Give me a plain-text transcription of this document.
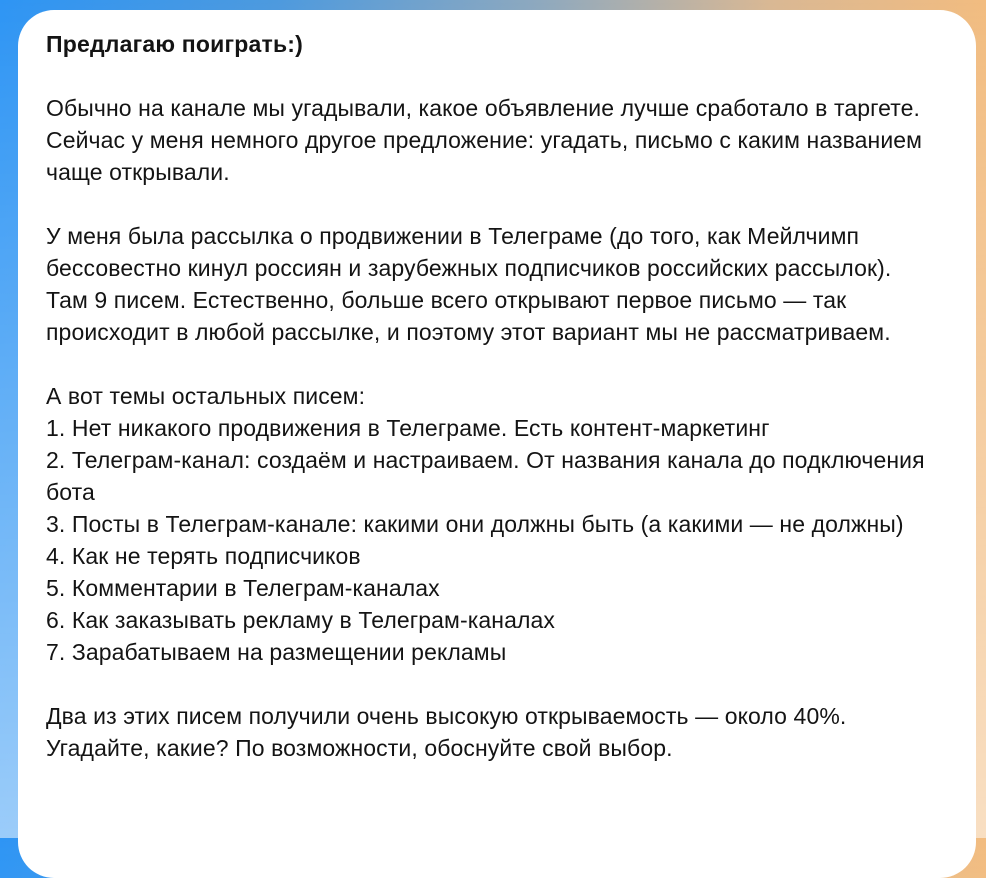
Предлагаю поиграть:)

Обычно на канале мы угадывали, какое объявление лучше сработало в таргете. Сейчас у меня немного другое предложение: угадать, письмо с каким названием чаще открывали.

У меня была рассылка о продвижении в Телеграме (до того, как Мейлчимп бессовестно кинул россиян и зарубежных подписчиков российских рассылок). Там 9 писем. Естественно, больше всего открывают первое письмо — так происходит в любой рассылке, и поэтому этот вариант мы не рассматриваем.

А вот темы остальных писем:
1. Нет никакого продвижения в Телеграме. Есть контент-маркетинг
2. Телеграм-канал: создаём и настраиваем. От названия канала до подключения бота
3. Посты в Телеграм-канале: какими они должны быть (а какими — не должны)
4. Как не терять подписчиков
5. Комментарии в Телеграм-каналах
6. Как заказывать рекламу в Телеграм-каналах
7. Зарабатываем на размещении рекламы

Два из этих писем получили очень высокую открываемость — около 40%. Угадайте, какие? По возможности, обоснуйте свой выбор.
